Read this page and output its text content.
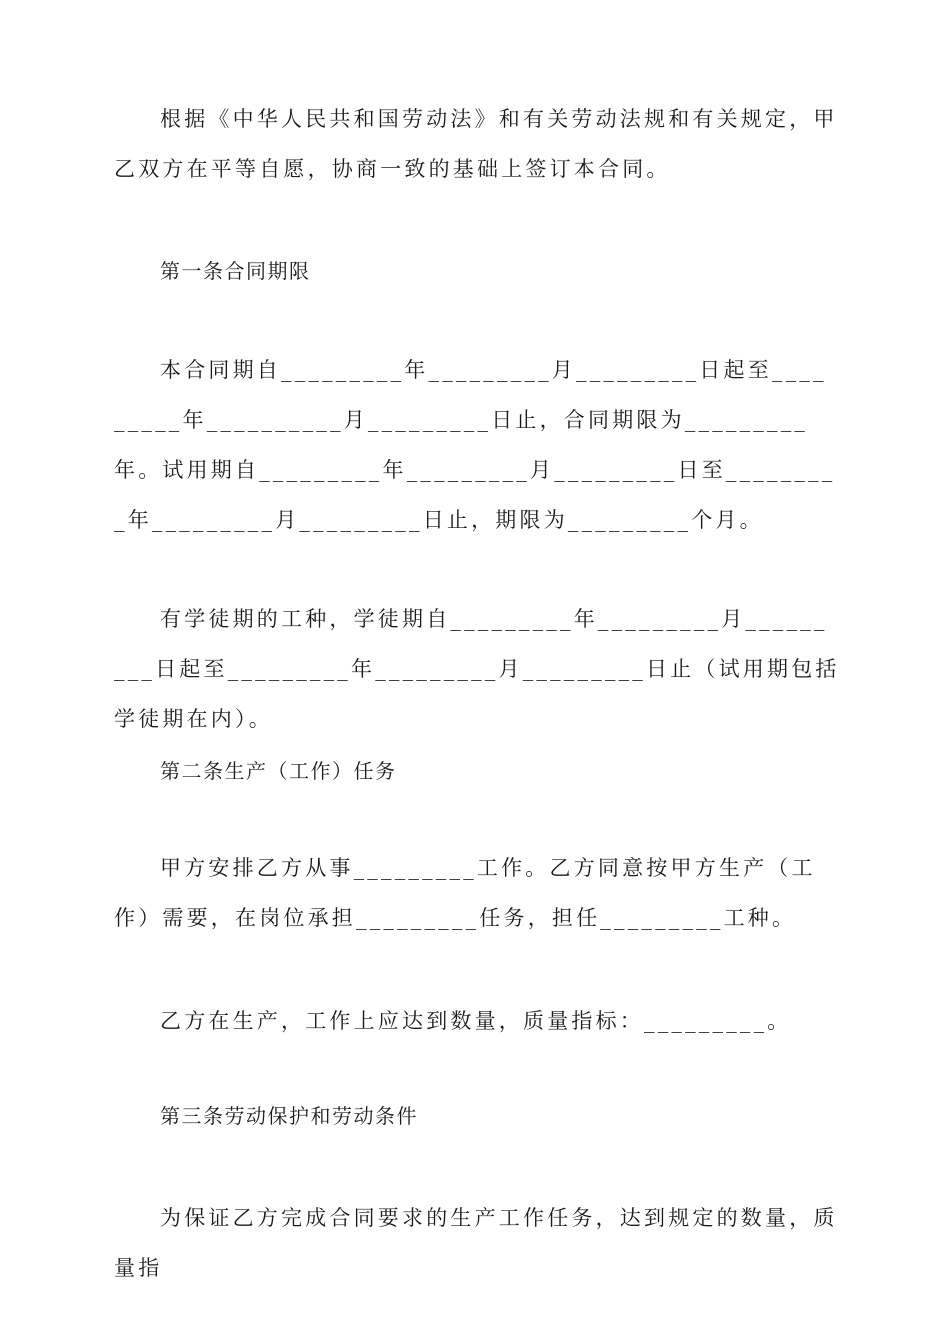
根据《中华人民共和国劳动法》和有关劳动法规和有关规定，甲乙双方在平等自愿，协商一致的基础上签订本合同。

第一条合同期限

本合同期自_________年_________月_________日起至_________年__________月_________日止，合同期限为_________年。试用期自_________年_________月_________日至_________年_________月_________日止，期限为_________个月。

有学徒期的工种，学徒期自_________年_________月_________日起至_________年_________月_________日止（试用期包括学徒期在内）。

第二条生产（工作）任务

甲方安排乙方从事_________工作。乙方同意按甲方生产（工作）需要，在岗位承担_________任务，担任_________工种。

乙方在生产，工作上应达到数量，质量指标：_________。

第三条劳动保护和劳动条件

为保证乙方完成合同要求的生产工作任务，达到规定的数量，质量指
